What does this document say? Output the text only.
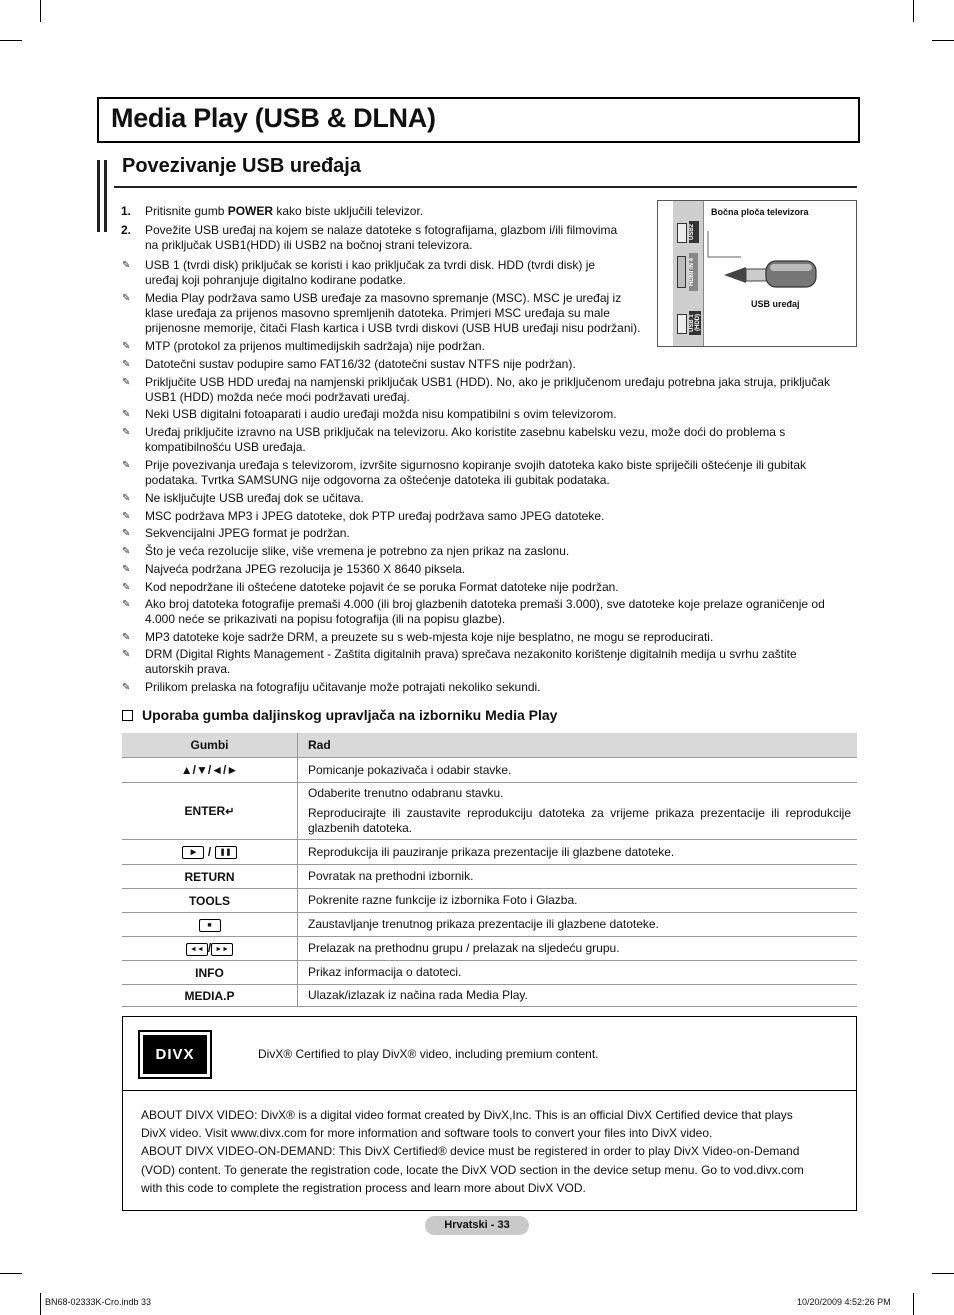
Media Play (USB & DLNA)
Povezivanje USB uređaja
USB2
HDMI IN 4
USB 1 (HDD)
Bočna ploča televizora
USB uređaj
1. Pritisnite gumb POWER kako biste uključili televizor.
2. Povežite USB uređaj na kojem se nalaze datoteke s fotografijama, glazbom i/ili filmovima
na priključak USB1(HDD) ili USB2 na bočnoj strani televizora.
✎ USB 1 (tvrdi disk) priključak se koristi i kao priključak za tvrdi disk. HDD (tvrdi disk) je
uređaj koji pohranjuje digitalno kodirane podatke.
✎ Media Play podržava samo USB uređaje za masovno spremanje (MSC). MSC je uređaj iz
klase uređaja za prijenos masovno spremljenih datoteka. Primjeri MSC uređaja su male
prijenosne memorije, čitači Flash kartica i USB tvrdi diskovi (USB HUB uređaji nisu podržani).
✎ MTP (protokol za prijenos multimedijskih sadržaja) nije podržan.
✎ Datotečni sustav podupire samo FAT16/32 (datotečni sustav NTFS nije podržan).
✎ Priključite USB HDD uređaj na namjenski priključak USB1 (HDD). No, ako je priključenom uređaju potrebna jaka struja, priključak
USB1 (HDD) možda neće moći podržavati uređaj.
✎ Neki USB digitalni fotoaparati i audio uređaji možda nisu kompatibilni s ovim televizorom.
✎ Uređaj priključite izravno na USB priključak na televizoru. Ako koristite zasebnu kabelsku vezu, može doći do problema s
kompatibilnošću USB uređaja.
✎ Prije povezivanja uređaja s televizorom, izvršite sigurnosno kopiranje svojih datoteka kako biste spriječili oštećenje ili gubitak
podataka. Tvrtka SAMSUNG nije odgovorna za oštećenje datoteka ili gubitak podataka.
✎ Ne isključujte USB uređaj dok se učitava.
✎ MSC podržava MP3 i JPEG datoteke, dok PTP uređaj podržava samo JPEG datoteke.
✎ Sekvencijalni JPEG format je podržan.
✎ Što je veća rezolucije slike, više vremena je potrebno za njen prikaz na zaslonu.
✎ Najveća podržana JPEG rezolucija je 15360 X 8640 piksela.
✎ Kod nepodržane ili oštećene datoteke pojavit će se poruka Format datoteke nije podržan.
✎ Ako broj datoteka fotografije premaši 4.000 (ili broj glazbenih datoteka premaši 3.000), sve datoteke koje prelaze ograničenje od
4.000 neće se prikazivati na popisu fotografija (ili na popisu glazbe).
✎ MP3 datoteke koje sadrže DRM, a preuzete su s web-mjesta koje nije besplatno, ne mogu se reproducirati.
✎ DRM (Digital Rights Management - Zaštita digitalnih prava) sprečava nezakonito korištenje digitalnih medija u svrhu zaštite
autorskih prava.
✎ Prilikom prelaska na fotografiju učitavanje može potrajati nekoliko sekundi.
Uporaba gumba daljinskog upravljača na izborniku Media Play
Gumbi	Rad
▲/▼/◄/►	Pomicanje pokazivača i odabir stavke.
ENTER↵	Odaberite trenutno odabranu stavku.
Reproducirajte ili zaustavite reprodukciju datoteka za vrijeme prikaza prezentacije ili reprodukcije glazbenih datoteka.

▶ / ❚❚	Reprodukcija ili pauziranje prikaza prezentacije ili glazbene datoteke.
RETURN	Povratak na prethodni izbornik.
TOOLS	Pokrenite razne funkcije iz izbornika Foto i Glazba.
■	Zaustavljanje trenutnog prikaza prezentacije ili glazbene datoteke.
◄◄ / ►►	Prelazak na prethodnu grupu / prelazak na sljedeću grupu.
INFO	Prikaz informacija o datoteci.
MEDIA.P	Ulazak/izlazak iz načina rada Media Play.
DIVX	DivX® Certified to play DivX® video, including premium content.
ABOUT DIVX VIDEO: DivX® is a digital video format created by DivX,Inc. This is an official DivX Certified device that plays
DivX video. Visit www.divx.com for more information and software tools to convert your files into DivX video.
ABOUT DIVX VIDEO-ON-DEMAND: This DivX Certified® device must be registered in order to play DivX Video-on-Demand
(VOD) content. To generate the registration code, locate the DivX VOD section in the device setup menu. Go to vod.divx.com
with this code to complete the registration process and learn more about DivX VOD.
Hrvatski - 33
BN68-02333K-Cro.indb 33	10/20/2009 4:52:26 PM
